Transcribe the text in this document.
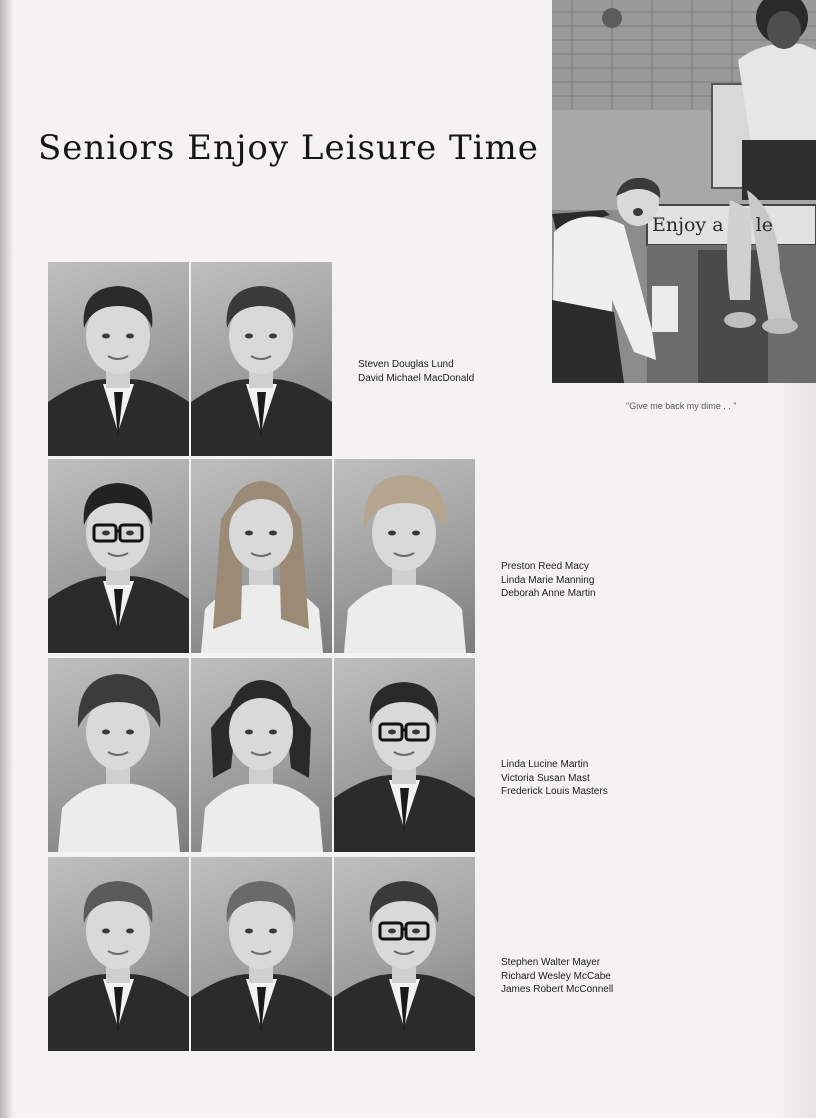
Seniors Enjoy Leisure Time
Enjoy a  le
"Give me back my dime . . "
Steven Douglas Lund
David Michael MacDonald
Preston Reed Macy
Linda Marie Manning
Deborah Anne Martin
Linda Lucine Martin
Victoria Susan Mast
Frederick Louis Masters
Stephen Walter Mayer
Richard Wesley McCabe
James Robert McConnell
